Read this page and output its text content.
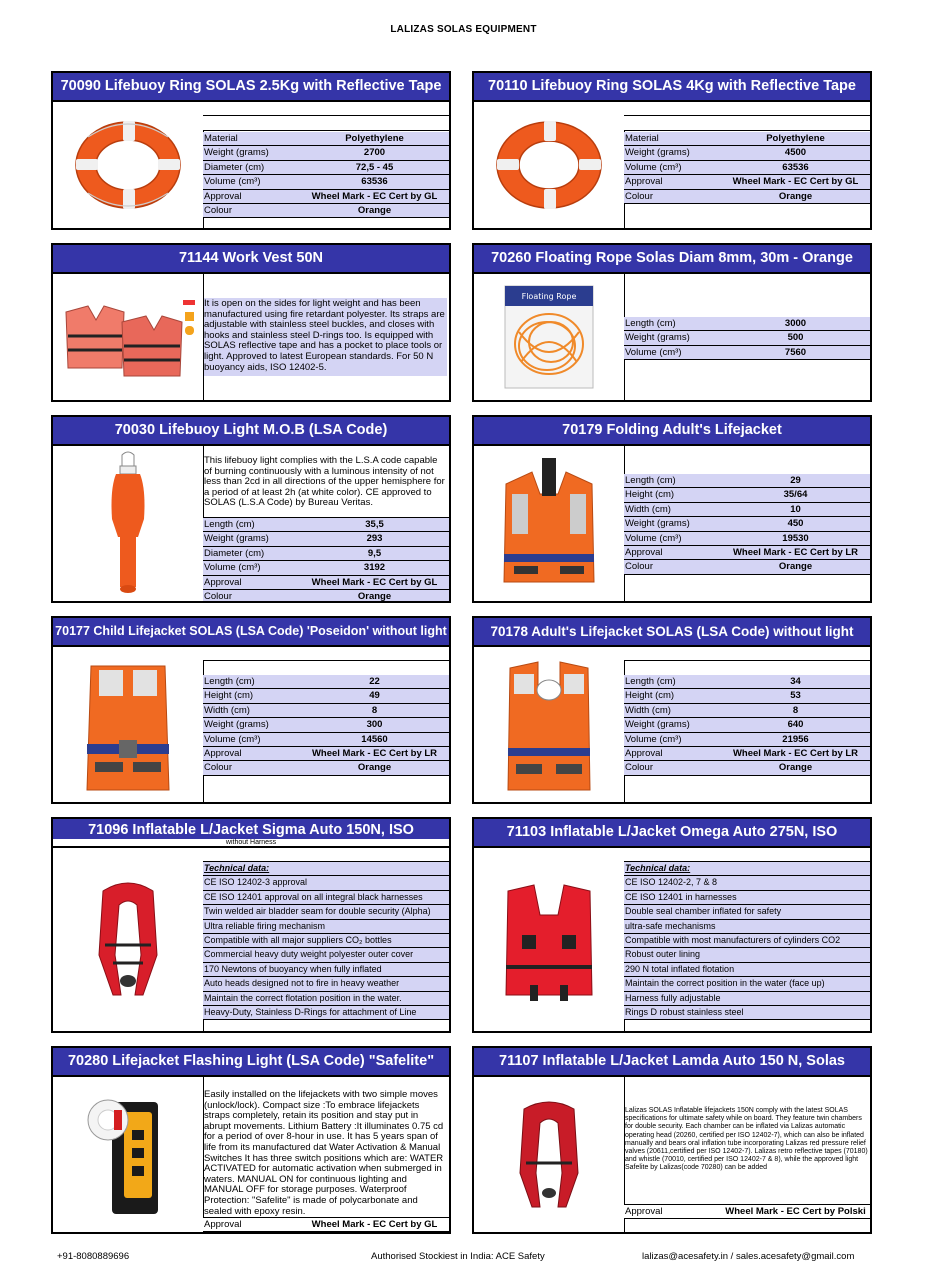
LALIZAS SOLAS EQUIPMENT
70090 Lifebuoy Ring SOLAS 2.5Kg with Reflective Tape
Material	Polyethylene
Weight (grams)	2700
Diameter (cm)	72,5 - 45
Volume (cm³)	63536
Approval	Wheel Mark - EC Cert by GL
Colour	Orange
70110 Lifebuoy Ring SOLAS 4Kg with Reflective Tape
Material	Polyethylene
Weight (grams)	4500
Volume (cm³)	63536
Approval	Wheel Mark - EC Cert by GL
Colour	Orange
71144 Work Vest 50N
It is open on the sides for light weight and has been manufactured using fire retardant polyester. Its straps are adjustable with stainless steel buckles, and closes with hooks and stainless steel D-rings too. Is equipped with SOLAS reflective tape and has a pocket to place tools or light. Approved to latest European standards. For 50 N buoyancy aids, ISO 12402-5.
70260 Floating Rope Solas Diam 8mm, 30m - Orange
Floating Rope
Length (cm)	3000
Weight (grams)	500
Volume (cm³)	7560
70030 Lifebuoy Light M.O.B (LSA Code)
This lifebuoy light complies with the L.S.A code capable of burning continuously with a luminous intensity of not less than 2cd in all directions of the upper hemisphere for a period of at least 2h (at white color). CE approved to SOLAS (L.S.A Code) by Bureau Veritas.
Length (cm)	35,5
Weight (grams)	293
Diameter (cm)	9,5
Volume (cm³)	3192
Approval	Wheel Mark - EC Cert by GL
Colour	Orange
70179 Folding Adult's Lifejacket
Length (cm)	29
Height (cm)	35/64
Width (cm)	10
Weight (grams)	450
Volume (cm³)	19530
Approval	Wheel Mark - EC Cert by LR
Colour	Orange
70177 Child Lifejacket SOLAS (LSA Code) 'Poseidon' without light
Length (cm)	22
Height (cm)	49
Width (cm)	8
Weight (grams)	300
Volume (cm³)	14560
Approval	Wheel Mark - EC Cert by LR
Colour	Orange
70178 Adult's Lifejacket SOLAS (LSA Code) without light
Length (cm)	34
Height (cm)	53
Width (cm)	8
Weight (grams)	640
Volume (cm³)	21956
Approval	Wheel Mark - EC Cert by LR
Colour	Orange
71096 Inflatable L/Jacket Sigma Auto 150N, ISO
without Harness
Technical data:
CE ISO 12402-3 approval
CE ISO 12401 approval on all integral black harnesses
Twin welded air bladder seam for double security (Alpha)
Ultra reliable firing mechanism
Compatible with all major suppliers CO₂ bottles
Commercial heavy duty weight polyester outer cover
170 Newtons of buoyancy when fully inflated
Auto heads designed not to fire in heavy weather
Maintain the correct flotation position in the water.
Heavy-Duty, Stainless D-Rings for attachment of Line
71103 Inflatable L/Jacket Omega Auto 275N, ISO
Technical data:
CE ISO 12402-2, 7 & 8
CE ISO 12401 in harnesses
Double seal chamber inflated for safety
ultra-safe mechanisms
Compatible with most manufacturers of cylinders CO2
Robust outer lining
290 N total inflated flotation
Maintain the correct position in the water (face up)
Harness fully adjustable
Rings D robust stainless steel
70280 Lifejacket Flashing Light (LSA Code) "Safelite"
Easily installed on the lifejackets with two simple moves (unlock/lock). Compact size :To embrace lifejackets straps completely, retain its position and stay put in abrupt movements. Lithium Battery :It illuminates 0.75 cd for a period of over 8-hour in use. It has 5 years span of life from its manufactured dat Water Activation & Manual Switches It has three switch positions which are: WATER ACTIVATED for automatic activation when submerged in waters. MANUAL ON for continuous lighting and MANUAL OFF for storage purposes. Waterproof Protection: "Safelite" is made of polycarbonate and sealed with epoxy resin.
Approval	Wheel Mark - EC Cert by GL
71107 Inflatable L/Jacket Lamda Auto 150 N, Solas
Lalizas SOLAS Inflatable lifejackets 150N comply with the latest SOLAS specifications for ultimate safety while on board. They feature twin chambers for double security. Each chamber can be inflated via Lalizas automatic operating head (20260, certified per ISO 12402-7), which can also be inflated manually and bears oral inflation tube incorporating Lalizas red pressure relief valves (20611,certified per ISO 12402-7). Lalizas retro reflective tapes (70180) and whistle (70010, certified per ISO 12402-7 & 8), while the approved light Safelite by Lalizas(code 70280) can be added
Approval	Wheel Mark - EC Cert by Polski
+91-8080889696	Authorised Stockiest in India: ACE Safety	lalizas@acesafety.in / sales.acesafety@gmail.com
